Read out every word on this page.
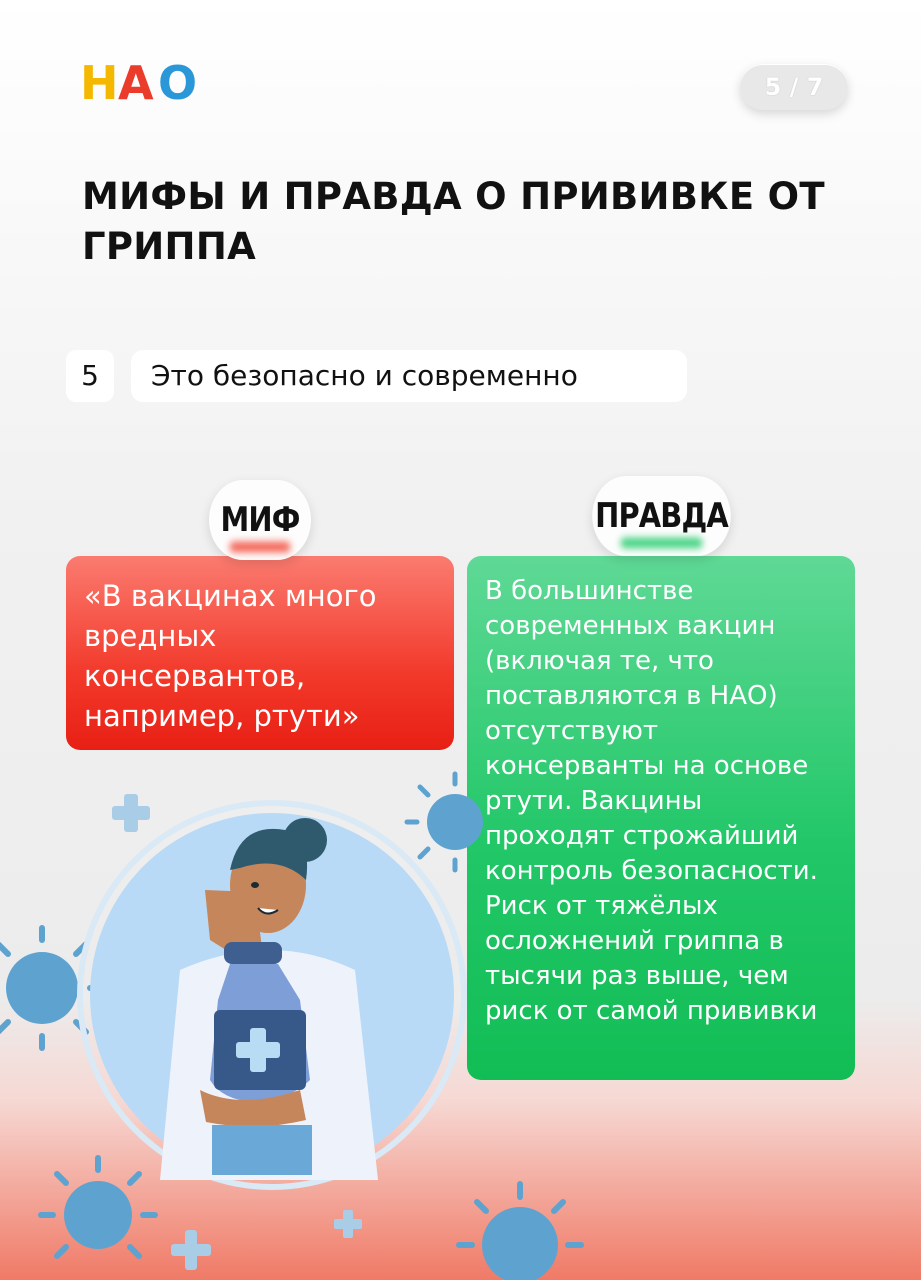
Н А О	5 / 7
МИФЫ И ПРАВДА О ПРИВИВКЕ ОТ ГРИППА
5	Это безопасно и современно
«В вакцинах много вредных консервантов, например, ртути»
МИФ
В большинстве современных вакцин (включая те, что поставляются в НАО) отсутствуют консерванты на основе ртути. Вакцины проходят строжайший контроль безопасности. Риск от тяжёлых осложнений гриппа в тысячи раз выше, чем риск от самой прививки
ПРАВДА
